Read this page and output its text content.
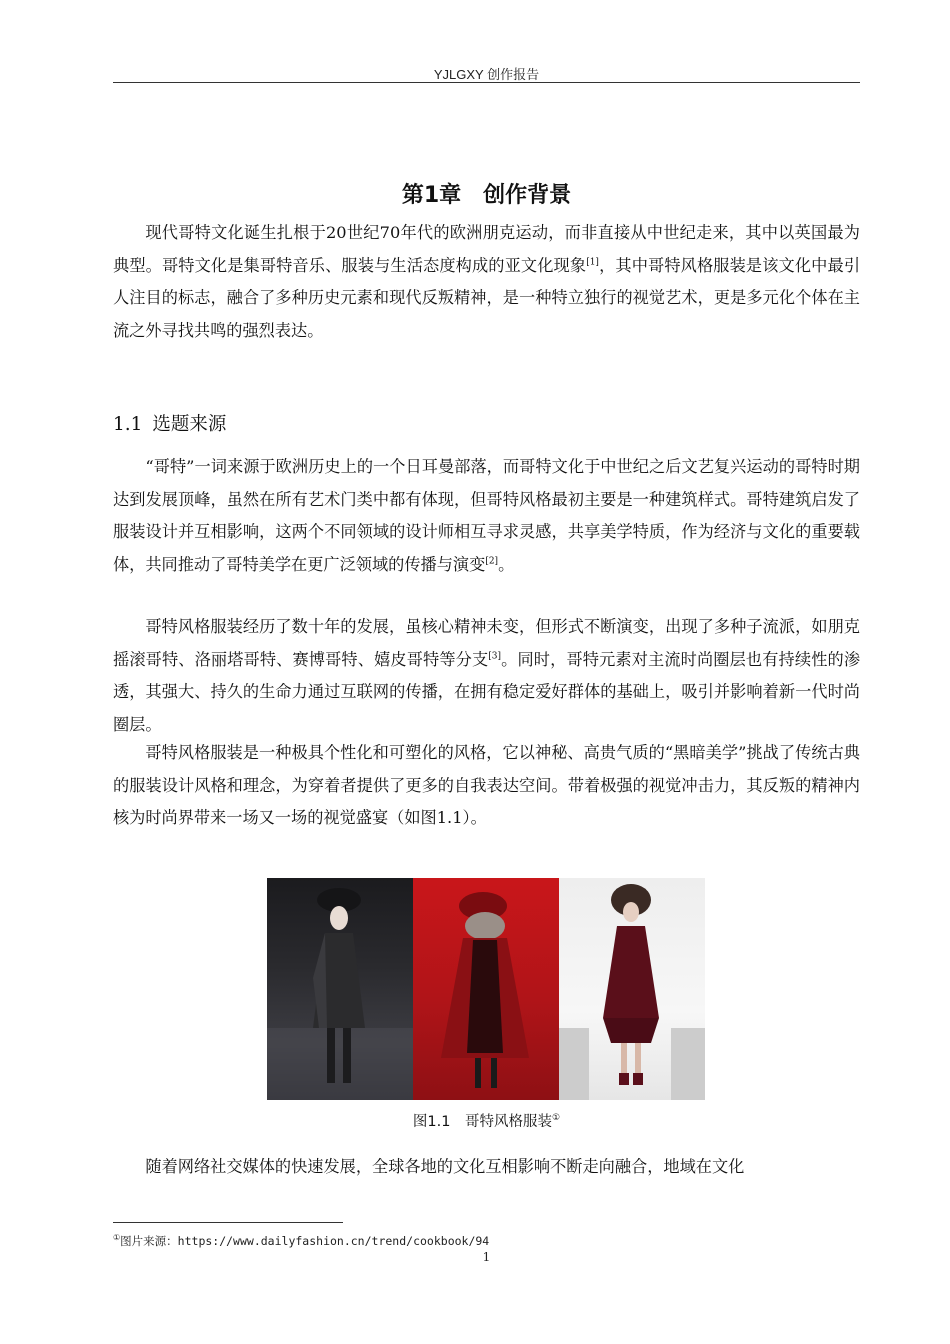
YJLGXY 创作报告
第1章　创作背景

现代哥特文化诞生扎根于20世纪70年代的欧洲朋克运动，而非直接从中世纪走来，其中以英国最为典型。哥特文化是集哥特音乐、服装与生活态度构成的亚文化现象[1]，其中哥特风格服装是该文化中最引人注目的标志，融合了多种历史元素和现代反叛精神，是一种特立独行的视觉艺术，更是多元化个体在主流之外寻找共鸣的强烈表达。

1.1 选题来源

“哥特”一词来源于欧洲历史上的一个日耳曼部落，而哥特文化于中世纪之后文艺复兴运动的哥特时期达到发展顶峰，虽然在所有艺术门类中都有体现，但哥特风格最初主要是一种建筑样式。哥特建筑启发了服装设计并互相影响，这两个不同领域的设计师相互寻求灵感，共享美学特质，作为经济与文化的重要载体，共同推动了哥特美学在更广泛领域的传播与演变[2]。

哥特风格服装经历了数十年的发展，虽核心精神未变，但形式不断演变，出现了多种子流派，如朋克摇滚哥特、洛丽塔哥特、赛博哥特、嬉皮哥特等分支[3]。同时，哥特元素对主流时尚圈层也有持续性的渗透，其强大、持久的生命力通过互联网的传播，在拥有稳定爱好群体的基础上，吸引并影响着新一代时尚圈层。

哥特风格服装是一种极具个性化和可塑化的风格，它以神秘、高贵气质的“黑暗美学”挑战了传统古典的服装设计风格和理念，为穿着者提供了更多的自我表达空间。带着极强的视觉冲击力，其反叛的精神内核为时尚界带来一场又一场的视觉盛宴（如图1.1）。

图1.1　哥特风格服装①

随着网络社交媒体的快速发展，全球各地的文化互相影响不断走向融合，地域在文化

①图片来源：https://www.dailyfashion.cn/trend/cookbook/94
1
